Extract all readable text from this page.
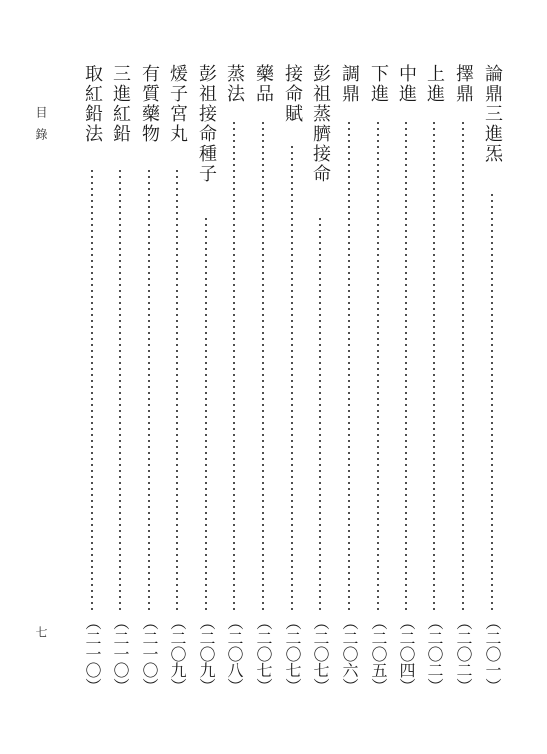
目錄
七
論鼎三進炁
（二〇一）
擇鼎
（二〇二）
上進
（二〇二）
中進
（二〇四）
下進
（二〇五）
調鼎
（二〇六）
彭祖蒸臍接命
（二〇七）
接命賦
（二〇七）
藥品
（二〇七）
蒸法
（二〇八）
彭祖接命種子
（二〇九）
煖子宮丸
（二〇九）
有質藥物
（二一〇）
三進紅鉛
（二一〇）
取紅鉛法
（二一〇）
